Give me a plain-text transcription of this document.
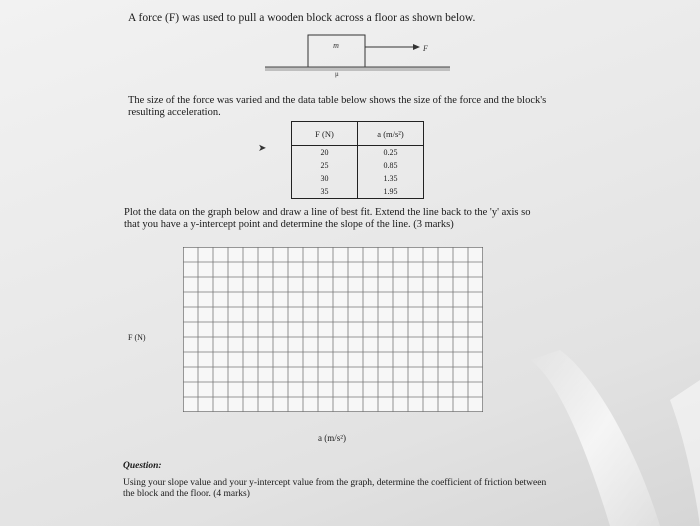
A force (F) was used to pull a wooden block across a floor as shown below.
m	F
μ
The size of the force was varied and the data table below shows the size of the force and the block's resulting acceleration.
➤
F (N)	a (m/s²)
20	0.25
25	0.85
30	1.35
35	1.95
Plot the data on the graph below and draw a line of best fit. Extend the line back to the 'y' axis so that you have a y-intercept point and determine the slope of the line. (3 marks)
F (N)
a (m/s²)
Question:
Using your slope value and your y-intercept value from the graph, determine the coefficient of friction between the block and the floor. (4 marks)
